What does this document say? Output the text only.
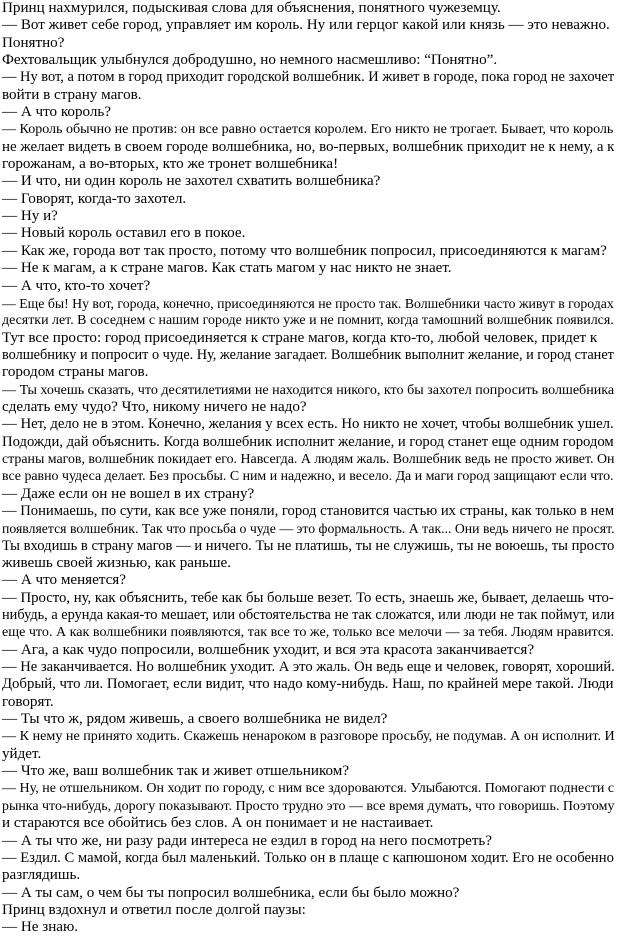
Принц нахмурился, подыскивая слова для объяснения, понятного чужеземцу.
— Вот живет себе город, управляет им король. Ну или герцог какой или князь — это неважно.
Понятно?
Фехтовальщик улыбнулся добродушно, но немного насмешливо: “Понятно”.
— Ну вот, а потом в город приходит городской волшебник. И живет в городе, пока город не захочет
войти в страну магов.
— А что король?
— Король обычно не против: он все равно остается королем. Его никто не трогает. Бывает, что король
не желает видеть в своем городе волшебника, но, во-первых, волшебник приходит не к нему, а к
горожанам, а во-вторых, кто же тронет волшебника!
— И что, ни один король не захотел схватить волшебника?
— Говорят, когда-то захотел.
— Ну и?
— Новый король оставил его в покое.
— Как же, города вот так просто, потому что волшебник попросил, присоединяются к магам?
— Не к магам, а к стране магов. Как стать магом у нас никто не знает.
— А что, кто-то хочет?
— Еще бы! Ну вот, города, конечно, присоединяются не просто так. Волшебники часто живут в городах
десятки лет. В соседнем с нашим городе никто уже и не помнит, когда тамошний волшебник появился.
Тут все просто: город присоединяется к стране магов, когда кто-то, любой человек, придет к
волшебнику и попросит о чуде. Ну, желание загадает. Волшебник выполнит желание, и город станет
городом страны магов.
— Ты хочешь сказать, что десятилетиями не находится никого, кто бы захотел попросить волшебника
сделать ему чудо? Что, никому ничего не надо?
— Нет, дело не в этом. Конечно, желания у всех есть. Но никто не хочет, чтобы волшебник ушел.
Подожди, дай объяснить. Когда волшебник исполнит желание, и город станет еще одним городом
страны магов, волшебник покидает его. Навсегда. А людям жаль. Волшебник ведь не просто живет. Он
все равно чудеса делает. Без просьбы. С ним и надежно, и весело. Да и маги город защищают если что.
— Даже если он не вошел в их страну?
— Понимаешь, по сути, как все уже поняли, город становится частью их страны, как только в нем
появляется волшебник. Так что просьба о чуде — это формальность. А так... Они ведь ничего не просят.
Ты входишь в страну магов — и ничего. Ты не платишь, ты не служишь, ты не воюешь, ты просто
живешь своей жизнью, как раньше.
— А что меняется?
— Просто, ну, как объяснить, тебе как бы больше везет. То есть, знаешь же, бывает, делаешь что-
нибудь, а ерунда какая-то мешает, или обстоятельства не так сложатся, или люди не так поймут, или
еще что. А как волшебники появляются, так все то же, только все мелочи — за тебя. Людям нравится.
— Ага, а как чудо попросили, волшебник уходит, и вся эта красота заканчивается?
— Не заканчивается. Но волшебник уходит. А это жаль. Он ведь еще и человек, говорят, хороший.
Добрый, что ли. Помогает, если видит, что надо кому-нибудь. Наш, по крайней мере такой. Люди
говорят.
— Ты что ж, рядом живешь, а своего волшебника не видел?
— К нему не принято ходить. Скажешь ненароком в разговоре просьбу, не подумав. А он исполнит. И
уйдет.
— Что же, ваш волшебник так и живет отшельником?
— Ну, не отшельником. Он ходит по городу, с ним все здороваются. Улыбаются. Помогают поднести с
рынка что-нибудь, дорогу показывают. Просто трудно это — все время думать, что говоришь. Поэтому
и стараются все обойтись без слов. А он понимает и не настаивает.
— А ты что же, ни разу ради интереса не ездил в город на него посмотреть?
— Ездил. С мамой, когда был маленький. Только он в плаще с капюшоном ходит. Его не особенно
разглядишь.
— А ты сам, о чем бы ты попросил волшебника, если бы было можно?
Принц вздохнул и ответил после долгой паузы:
— Не знаю.
